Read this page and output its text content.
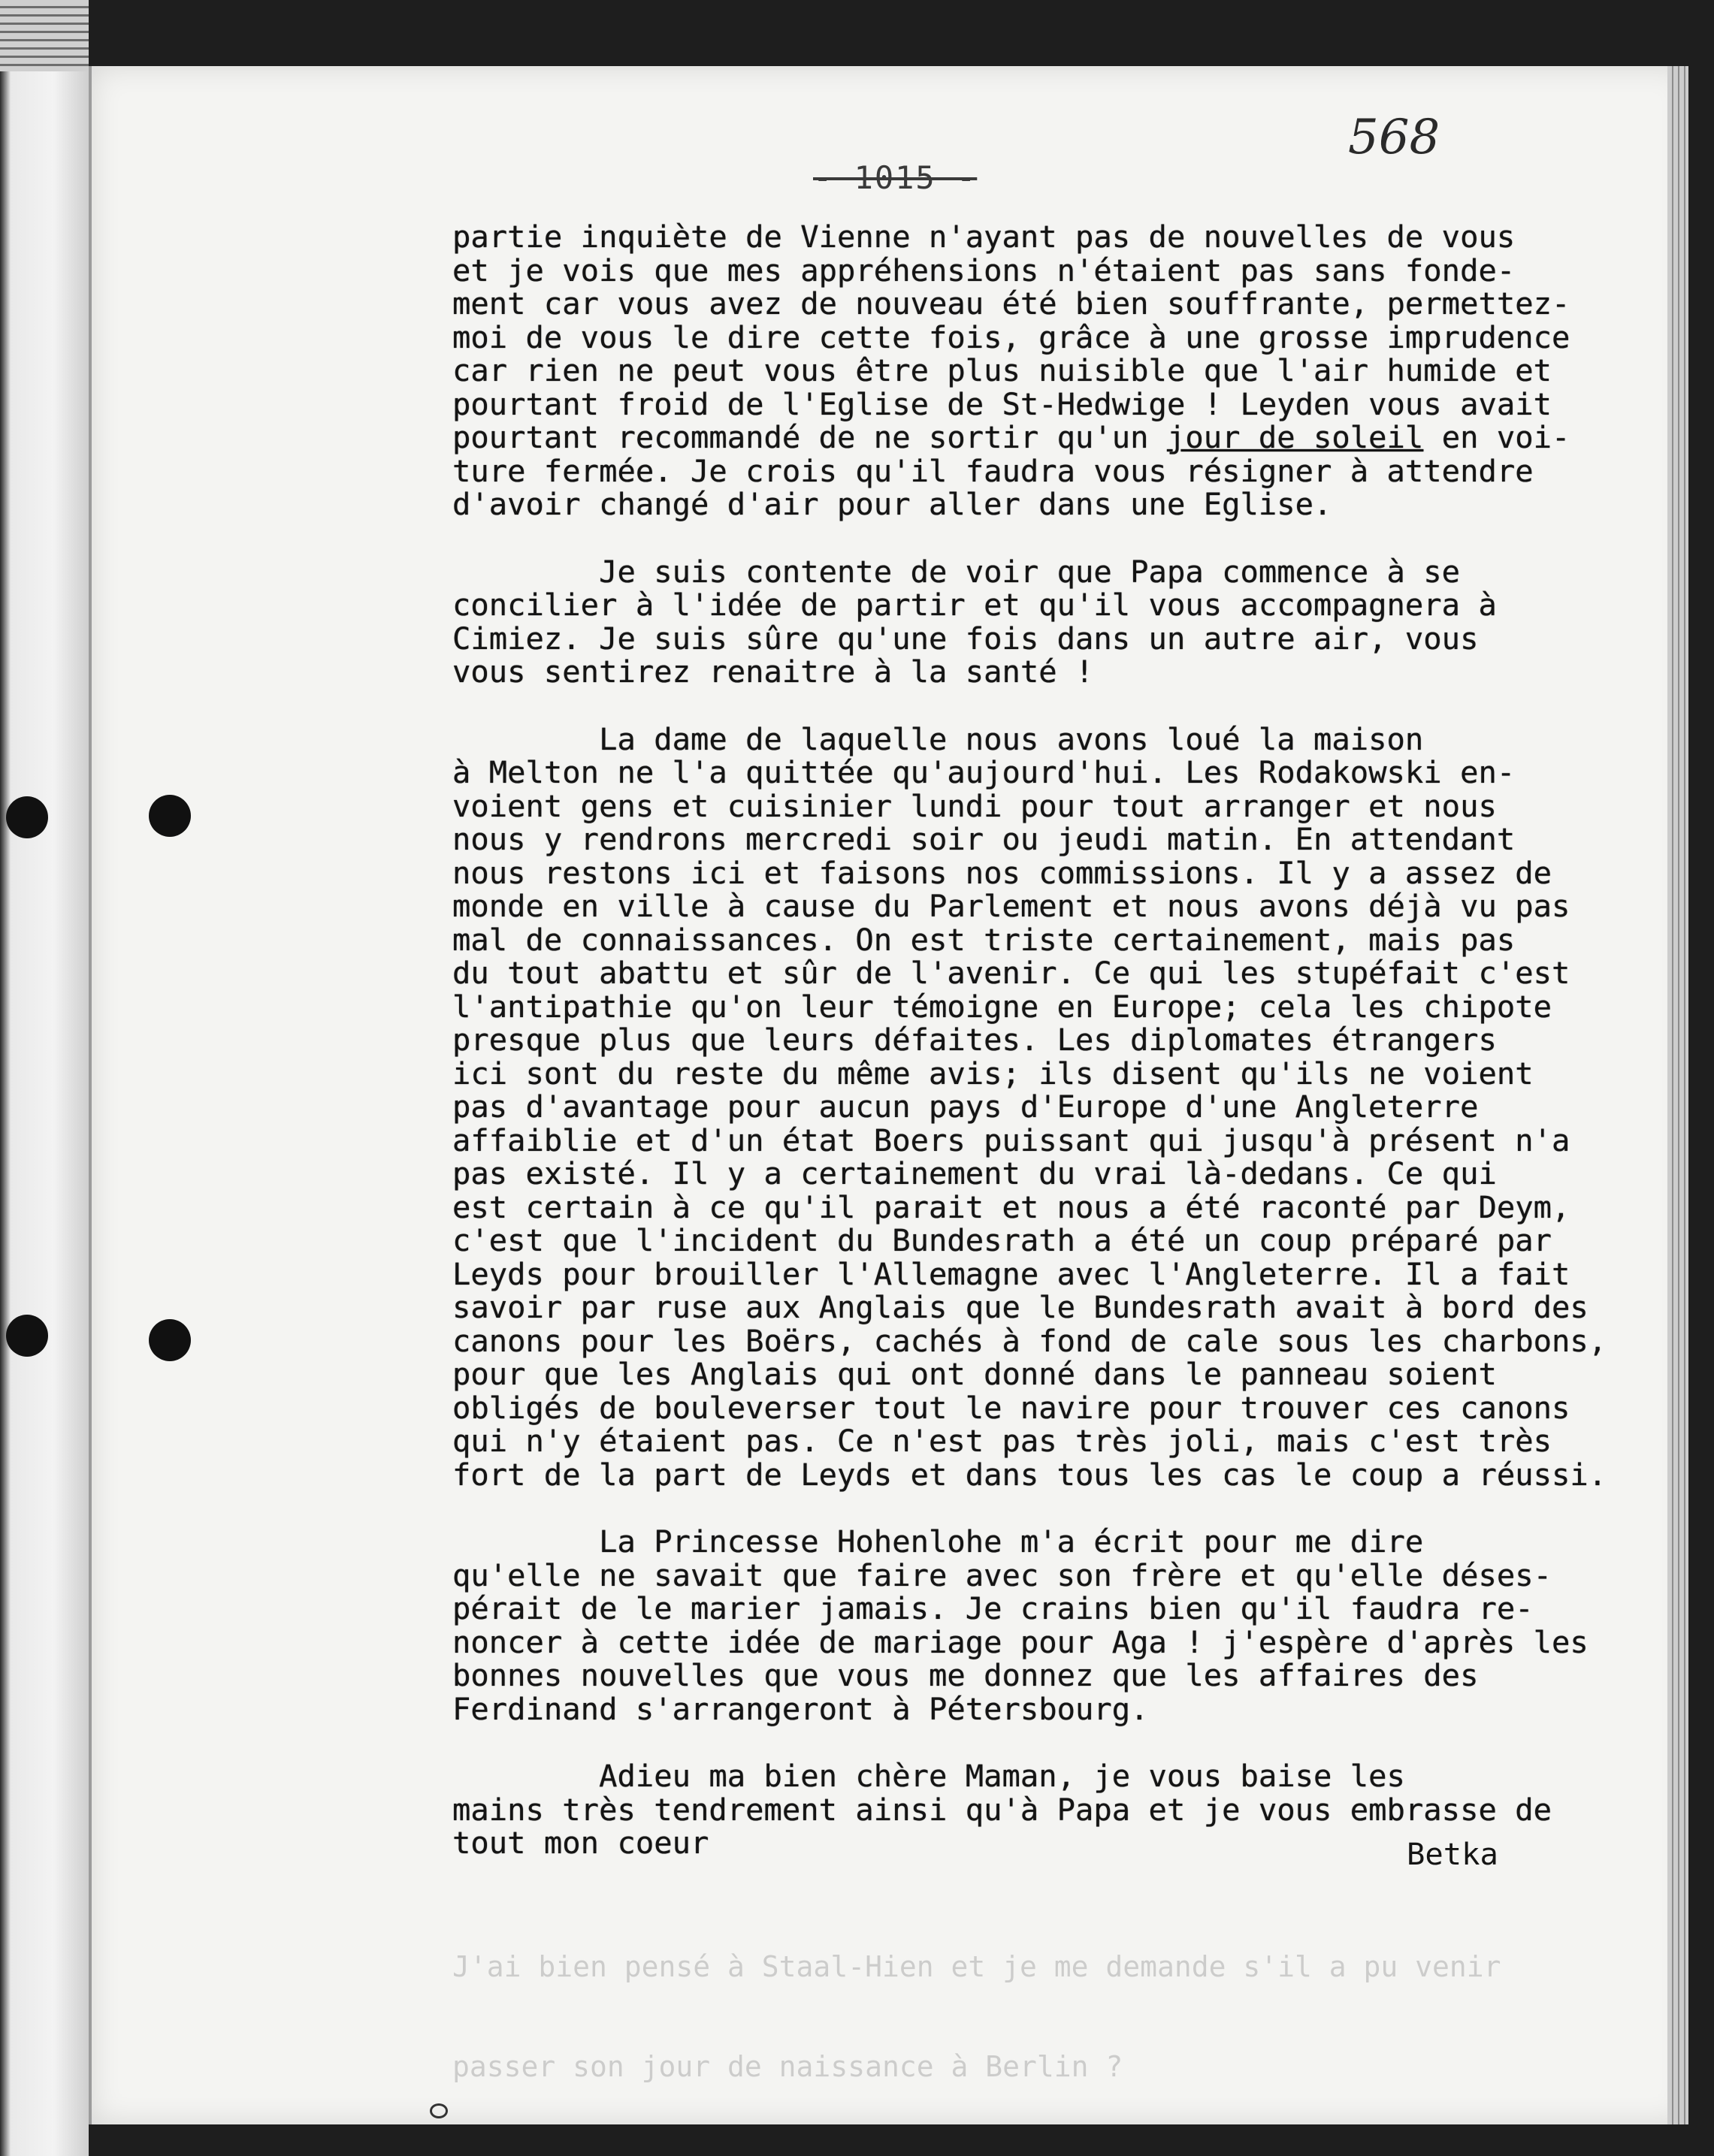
568
- 1015 -

J'ai bien pensé à Staal-Hien et je me demande s'il a pu venir

passer son jour de naissance à Berlin ?

partie inquiète de Vienne n'ayant pas de nouvelles de vous
et je vois que mes appréhensions n'étaient pas sans fonde-
ment car vous avez de nouveau été bien souffrante, permettez-
moi de vous le dire cette fois, grâce à une grosse imprudence
car rien ne peut vous être plus nuisible que l'air humide et
pourtant froid de l'Eglise de St-Hedwige ! Leyden vous avait
pourtant recommandé de ne sortir qu'un jour de soleil en voi-
ture fermée. Je crois qu'il faudra vous résigner à attendre
d'avoir changé d'air pour aller dans une Eglise.
Je suis contente de voir que Papa commence à se
concilier à l'idée de partir et qu'il vous accompagnera à
Cimiez. Je suis sûre qu'une fois dans un autre air, vous
vous sentirez renaitre à la santé !
La dame de laquelle nous avons loué la maison
à Melton ne l'a quittée qu'aujourd'hui. Les Rodakowski en-
voient gens et cuisinier lundi pour tout arranger et nous
nous y rendrons mercredi soir ou jeudi matin. En attendant
nous restons ici et faisons nos commissions. Il y a assez de
monde en ville à cause du Parlement et nous avons déjà vu pas
mal de connaissances. On est triste certainement, mais pas
du tout abattu et sûr de l'avenir. Ce qui les stupéfait c'est
l'antipathie qu'on leur témoigne en Europe; cela les chipote
presque plus que leurs défaites. Les diplomates étrangers
ici sont du reste du même avis; ils disent qu'ils ne voient
pas d'avantage pour aucun pays d'Europe d'une Angleterre
affaiblie et d'un état Boers puissant qui jusqu'à présent n'a
pas existé. Il y a certainement du vrai là-dedans. Ce qui
est certain à ce qu'il parait et nous a été raconté par Deym,
c'est que l'incident du Bundesrath a été un coup préparé par
Leyds pour brouiller l'Allemagne avec l'Angleterre. Il a fait
savoir par ruse aux Anglais que le Bundesrath avait à bord des
canons pour les Boërs, cachés à fond de cale sous les charbons,
pour que les Anglais qui ont donné dans le panneau soient
obligés de bouleverser tout le navire pour trouver ces canons
qui n'y étaient pas. Ce n'est pas très joli, mais c'est très
fort de la part de Leyds et dans tous les cas le coup a réussi.
La Princesse Hohenlohe m'a écrit pour me dire
qu'elle ne savait que faire avec son frère et qu'elle déses-
pérait de le marier jamais. Je crains bien qu'il faudra re-
noncer à cette idée de mariage pour Aga ! j'espère d'après les
bonnes nouvelles que vous me donnez que les affaires des
Ferdinand s'arrangeront à Pétersbourg.
Adieu ma bien chère Maman, je vous baise les
mains très tendrement ainsi qu'à Papa et je vous embrasse de
tout mon coeur	Betka
